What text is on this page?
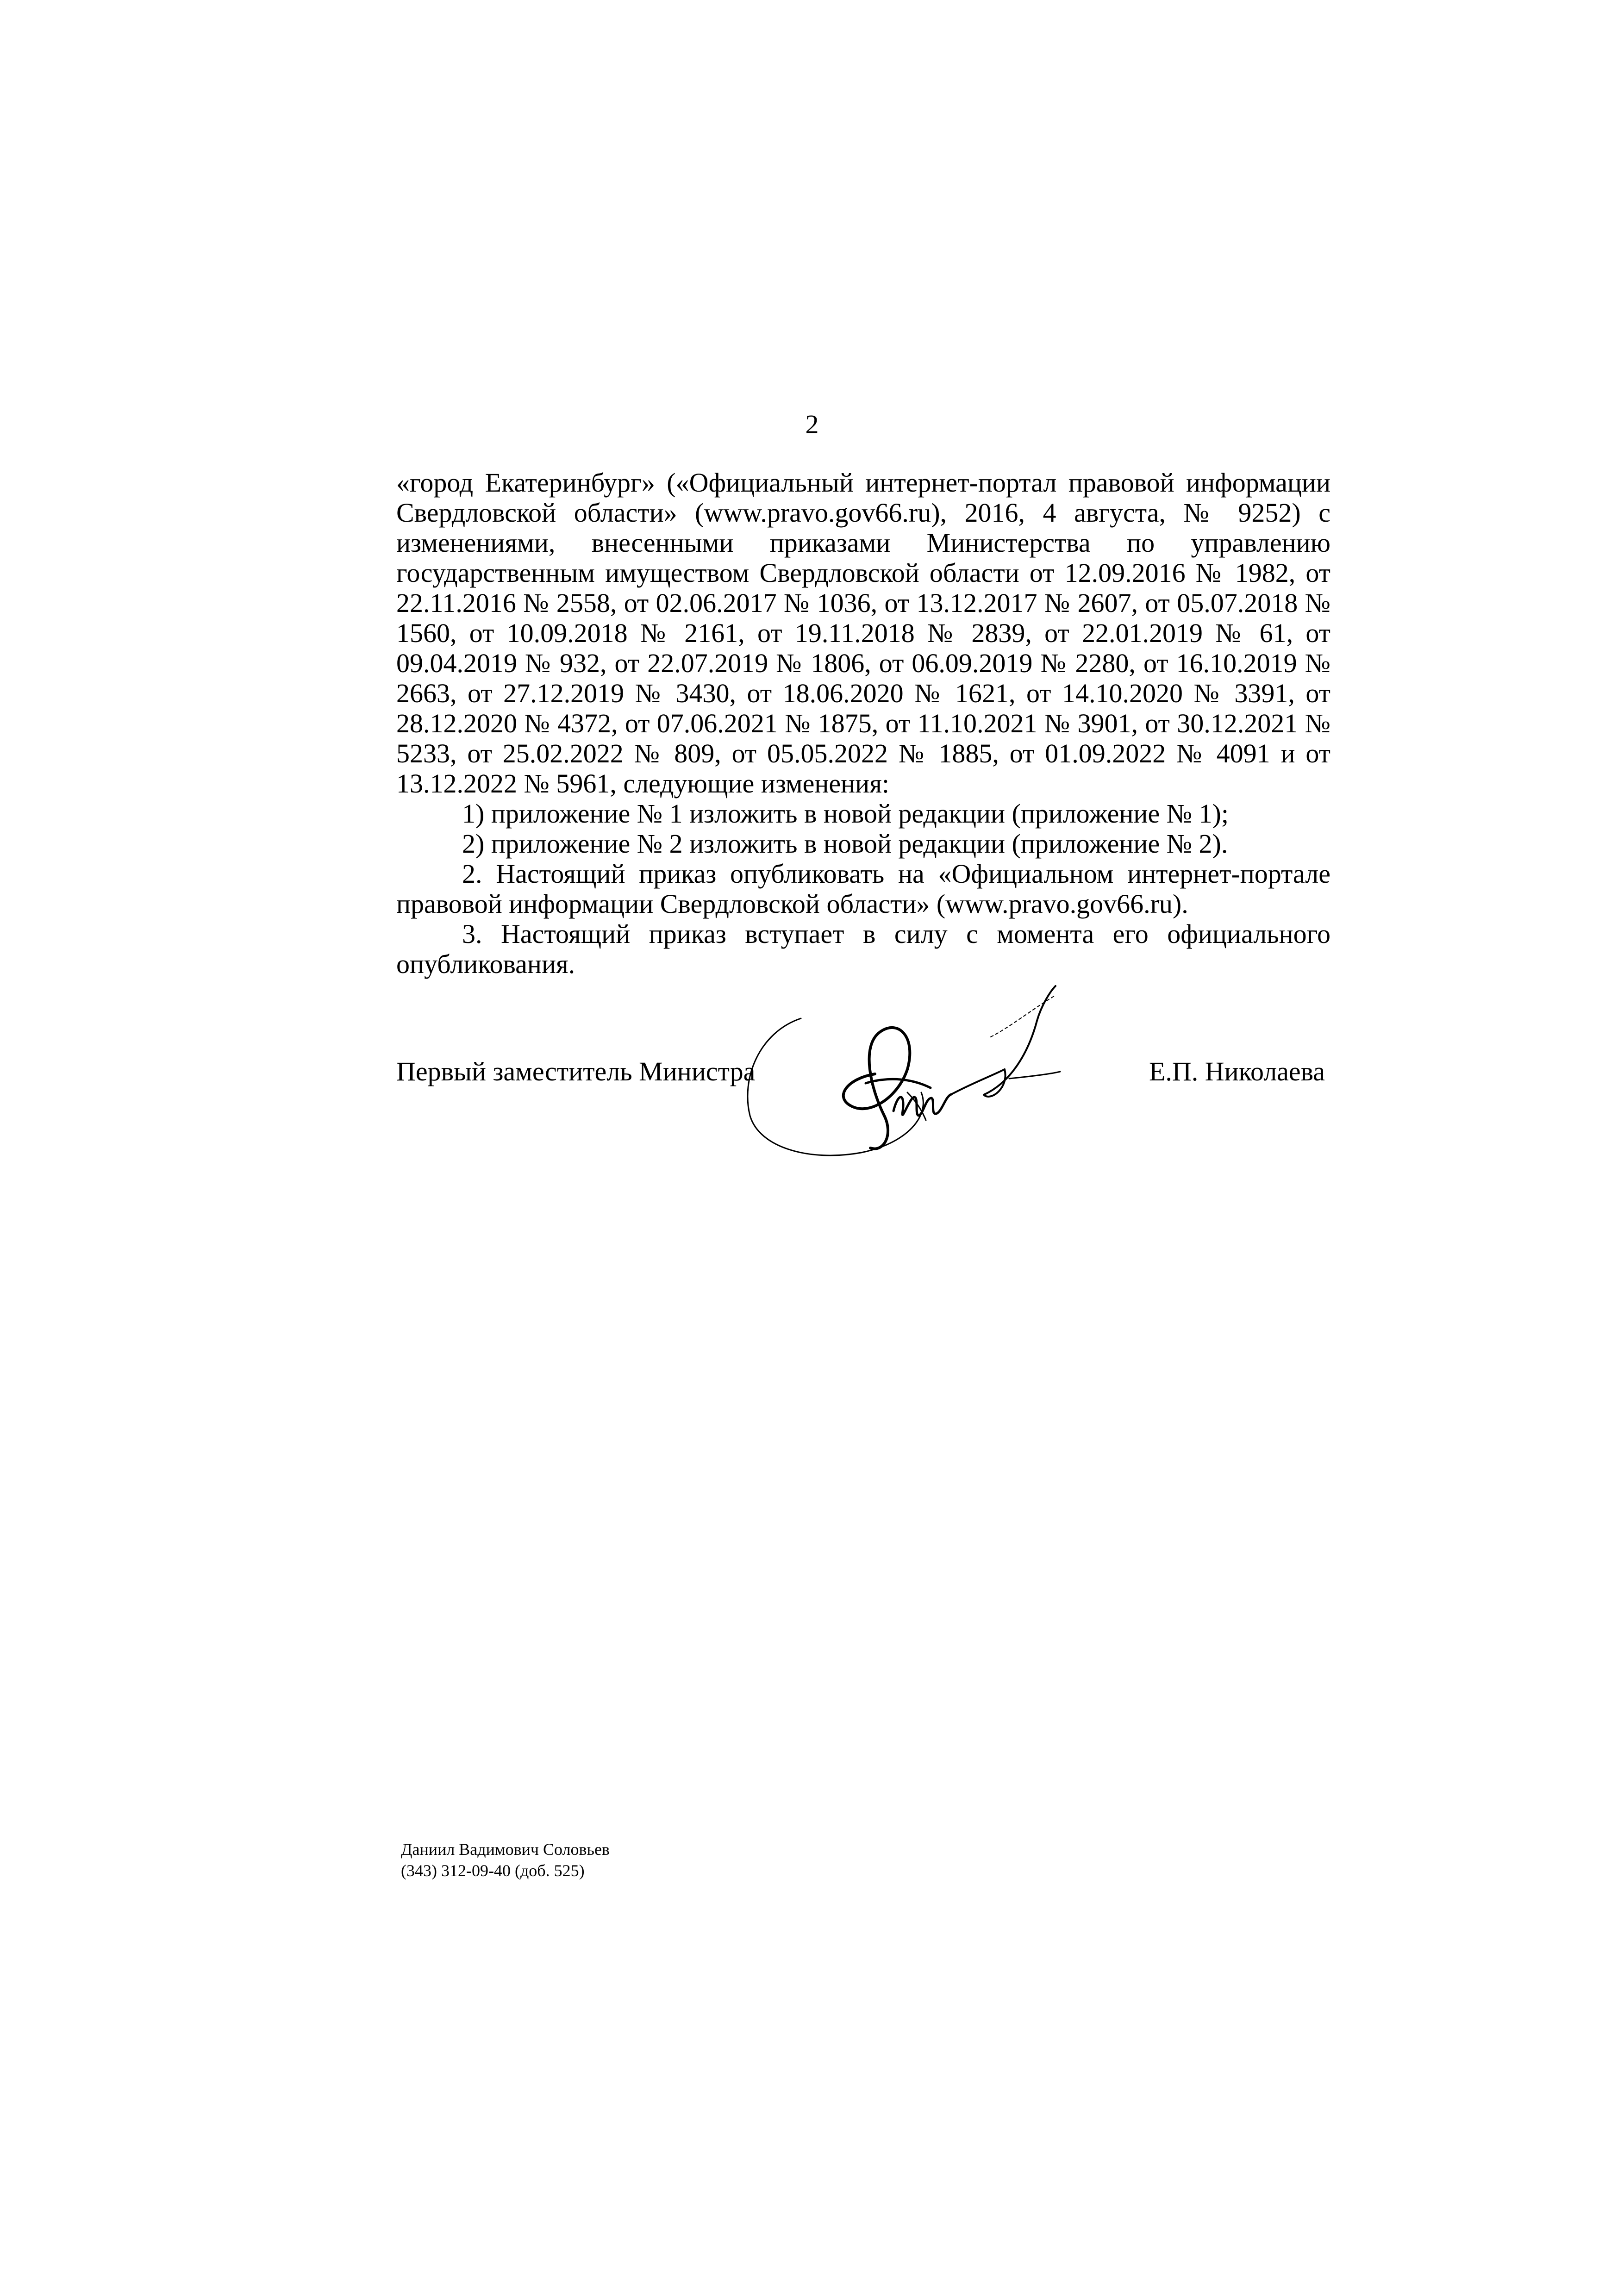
2

«город Екатеринбург» («Официальный интернет-портал правовой информации Свердловской области» (www.pravo.gov66.ru), 2016, 4 августа, № 9252) с изменениями, внесенными приказами Министерства по управлению государственным имуществом Свердловской области от 12.09.2016 № 1982, от 22.11.2016 № 2558, от 02.06.2017 № 1036, от 13.12.2017 № 2607, от 05.07.2018 № 1560, от 10.09.2018 № 2161, от 19.11.2018 № 2839, от 22.01.2019 № 61, от 09.04.2019 № 932, от 22.07.2019 № 1806, от 06.09.2019 № 2280, от 16.10.2019 № 2663, от 27.12.2019 № 3430, от 18.06.2020 № 1621, от 14.10.2020 № 3391, от 28.12.2020 № 4372, от 07.06.2021 № 1875, от 11.10.2021 № 3901, от 30.12.2021 № 5233, от 25.02.2022 № 809, от 05.05.2022 № 1885, от 01.09.2022 № 4091 и от 13.12.2022 № 5961, следующие изменения:

1) приложение № 1 изложить в новой редакции (приложение № 1);

2) приложение № 2 изложить в новой редакции (приложение № 2).

2. Настоящий приказ опубликовать на «Официальном интернет-портале правовой информации Свердловской области» (www.pravo.gov66.ru).

3. Настоящий приказ вступает в силу с момента его официального опубликования.

Первый заместитель Министра	Е.П. Николаева
Даниил Вадимович Соловьев
(343) 312-09-40 (доб. 525)
